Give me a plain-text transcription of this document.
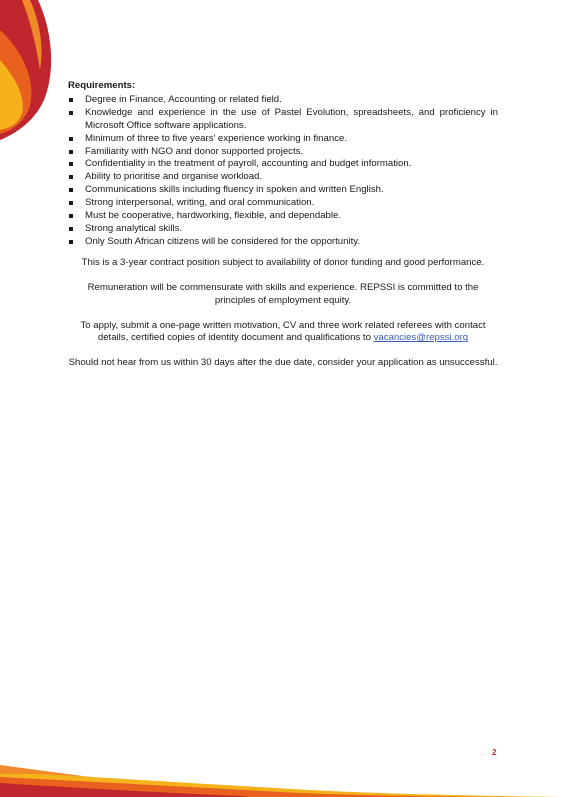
Requirements:
Degree in Finance, Accounting or related field.
Knowledge and experience in the use of Pastel Evolution, spreadsheets, and proficiency in Microsoft Office software applications.
Minimum of three to five years’ experience working in finance.
Familiarity with NGO and donor supported projects.
Confidentiality in the treatment of payroll, accounting and budget information.
Ability to prioritise and organise workload.
Communications skills including fluency in spoken and written English.
Strong interpersonal, writing, and oral communication.
Must be cooperative, hardworking, flexible, and dependable.
Strong analytical skills.
Only South African citizens will be considered for the opportunity.

This is a 3-year contract position subject to availability of donor funding and good performance.

Remuneration will be commensurate with skills and experience. REPSSI is committed to the
principles of employment equity.

To apply, submit a one-page written motivation, CV and three work related referees with contact
details, certified copies of identity document and qualifications to vacancies@repssi.org

Should not hear from us within 30 days after the due date, consider your application as unsuccessful.

2
